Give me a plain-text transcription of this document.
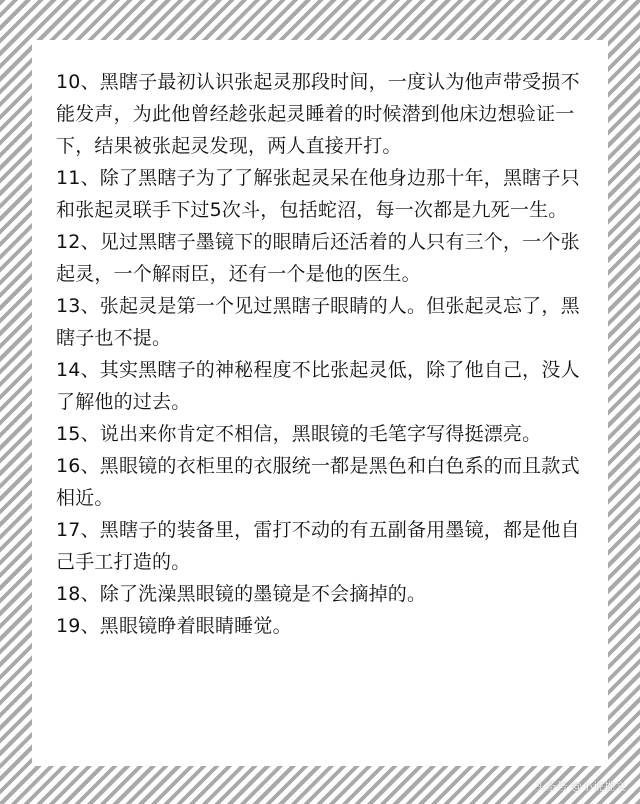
10、黑瞎子最初认识张起灵那段时间，一度认为他声带受损不能发声，为此他曾经趁张起灵睡着的时候潜到他床边想验证一下，结果被张起灵发现，两人直接开打。

11、除了黑瞎子为了了解张起灵呆在他身边那十年，黑瞎子只和张起灵联手下过5次斗，包括蛇沼，每一次都是九死一生。

12、见过黑瞎子墨镜下的眼睛后还活着的人只有三个，一个张起灵，一个解雨臣，还有一个是他的医生。

13、张起灵是第一个见过黑瞎子眼睛的人。但张起灵忘了，黑瞎子也不提。

14、其实黑瞎子的神秘程度不比张起灵低，除了他自己，没人了解他的过去。

15、说出来你肯定不相信，黑眼镜的毛笔字写得挺漂亮。

16、黑眼镜的衣柜里的衣服统一都是黑色和白色系的而且款式相近。

17、黑瞎子的装备里，雷打不动的有五副备用墨镜，都是他自己手工打造的。

18、除了洗澡黑眼镜的墨镜是不会摘掉的。

19、黑眼镜睁着眼睛睡觉。

头条号 @小说推文
